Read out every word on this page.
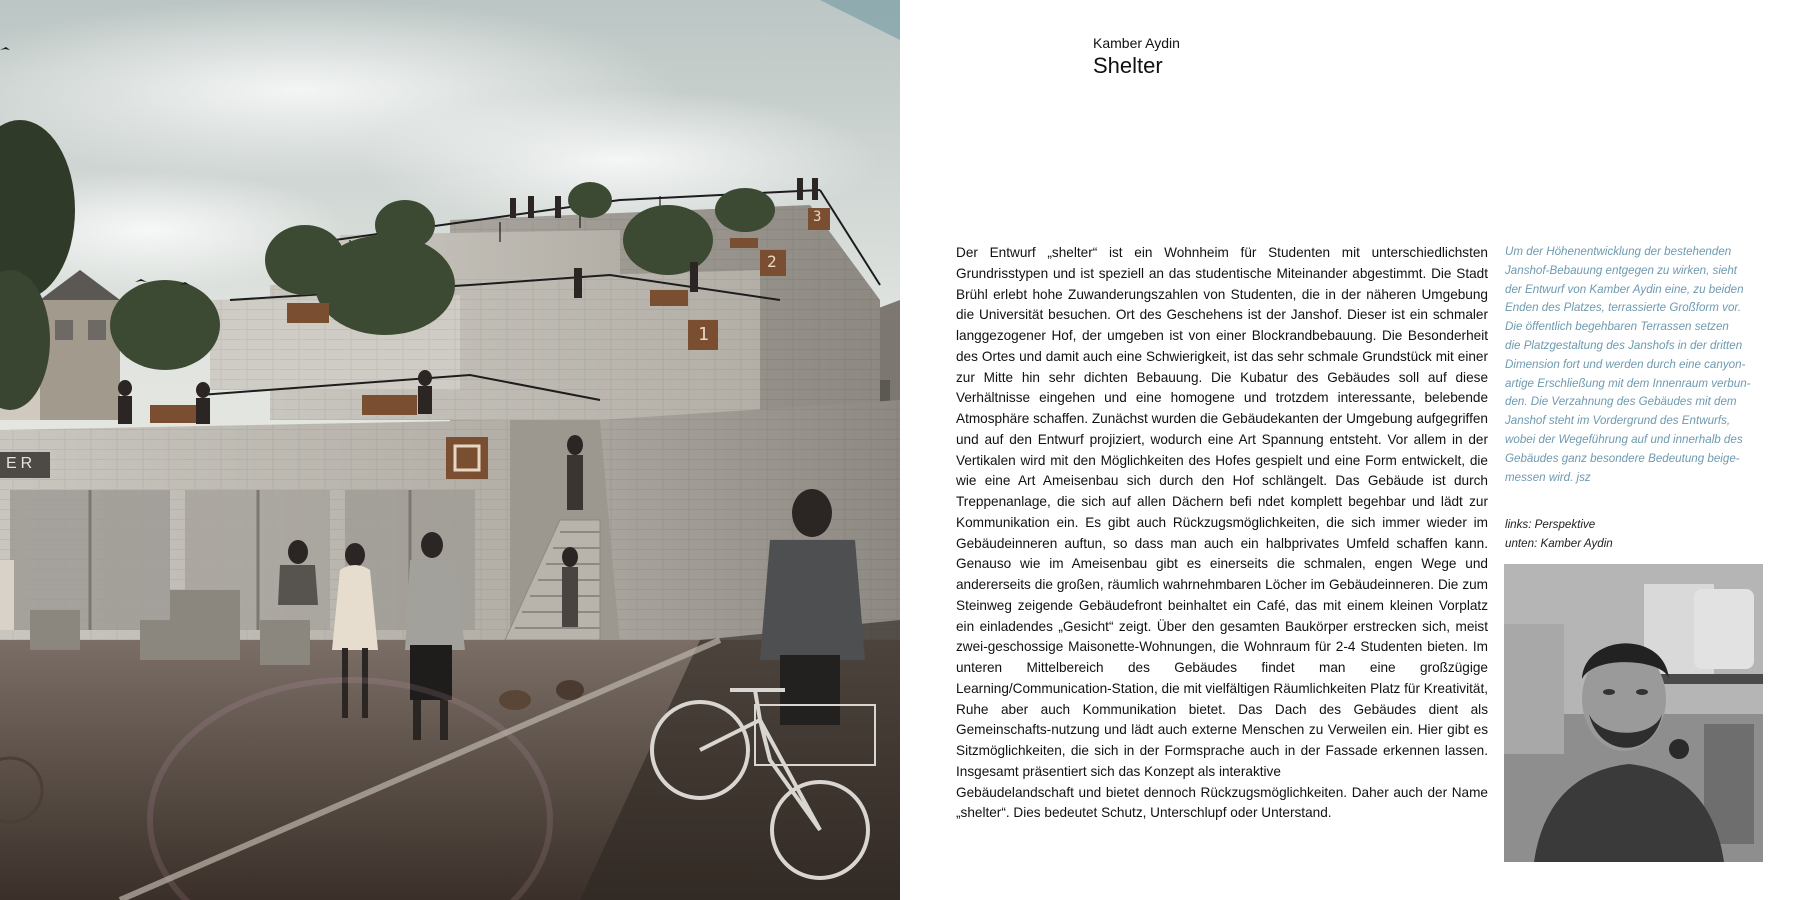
ER
1
2
3
Kamber Aydin
Shelter

Der Entwurf „shelter“ ist ein Wohnheim für Studenten mit unterschiedlichsten Grundrisstypen und ist speziell an das studentische Miteinander abgestimmt. Die Stadt Brühl erlebt hohe Zuwanderungszahlen von Studenten, die in der näheren Umgebung die Universität besuchen. Ort des Geschehens ist der Janshof. Dieser ist ein schmaler langgezogener Hof, der umgeben ist von einer Blockrandbebauung. Die Besonderheit des Ortes und damit auch eine Schwierigkeit, ist das sehr schmale Grundstück mit einer zur Mitte hin sehr dichten Bebauung. Die Kubatur des Gebäudes soll auf diese Verhältnisse eingehen und eine homogene und trotzdem interessante, belebende Atmosphäre schaffen. Zunächst wurden die Gebäudekanten der Umgebung aufgegriffen und auf den Entwurf projiziert, wodurch eine Art Spannung entsteht. Vor allem in der Vertikalen wird mit den Möglichkeiten des Hofes gespielt und eine Form entwickelt, die wie eine Art Ameisenbau sich durch den Hof schlängelt. Das Gebäude ist durch Treppenanlage, die sich auf allen Dächern befi ndet komplett begehbar und lädt zur Kommunikation ein. Es gibt auch Rückzugsmöglichkeiten, die sich immer wieder im Gebäudeinneren auftun, so dass man auch ein halbprivates Umfeld schaffen kann. Genauso wie im Ameisenbau gibt es einerseits die schmalen, engen Wege und andererseits die großen, räumlich wahrnehmbaren Löcher im Gebäudeinneren. Die zum Steinweg zeigende Gebäudefront beinhaltet ein Café, das mit einem kleinen Vorplatz ein einladendes „Gesicht“ zeigt. Über den gesamten Baukörper erstrecken sich, meist zwei-geschossige Maisonette-Wohnungen, die Wohnraum für 2-4 Studenten bieten. Im unteren Mittelbereich des Gebäudes findet man eine großzügige Learning/Communication-Station, die mit vielfältigen Räumlichkeiten Platz für Kreativität, Ruhe aber auch Kommunikation bietet. Das Dach des Gebäudes dient als Gemeinschafts-nutzung und lädt auch externe Menschen zu Verweilen ein. Hier gibt es Sitzmöglichkeiten, die sich in der Formsprache auch in der Fassade erkennen lassen. Insgesamt präsentiert sich das Konzept als interaktive

Gebäudelandschaft und bietet dennoch Rückzugsmöglichkeiten. Daher auch der Name „shelter“. Dies bedeutet Schutz, Unterschlupf oder Unterstand.

Um der Höhenentwicklung der bestehenden

Janshof-Bebauung entgegen zu wirken, sieht

der Entwurf von Kamber Aydin eine, zu beiden

Enden des Platzes, terrassierte Großform vor.

Die öffentlich begehbaren Terrassen setzen

die Platzgestaltung des Janshofs in der dritten

Dimension fort und werden durch eine canyon-

artige Erschließung mit dem Innenraum verbun-

den. Die Verzahnung des Gebäudes mit dem

Janshof steht im Vordergrund des Entwurfs,

wobei der Wegeführung auf und innerhalb des

Gebäudes ganz besondere Bedeutung beige-

messen wird. jsz

links: Perspektive

unten: Kamber Aydin
